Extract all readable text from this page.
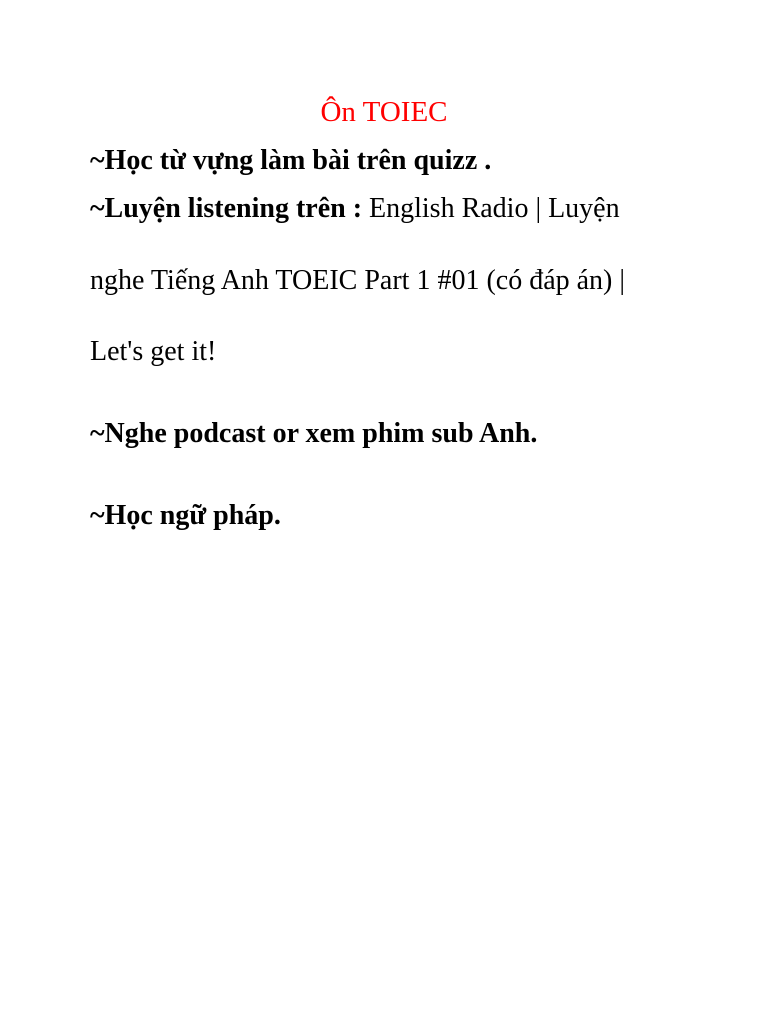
Ôn TOIEC
~Học từ vựng làm bài trên quizz .
~Luyện listening trên : English Radio | Luyện
nghe Tiếng Anh TOEIC Part 1 #01 (có đáp án) |
Let's get it!
~Nghe podcast or xem phim sub Anh.
~Học ngữ pháp.
